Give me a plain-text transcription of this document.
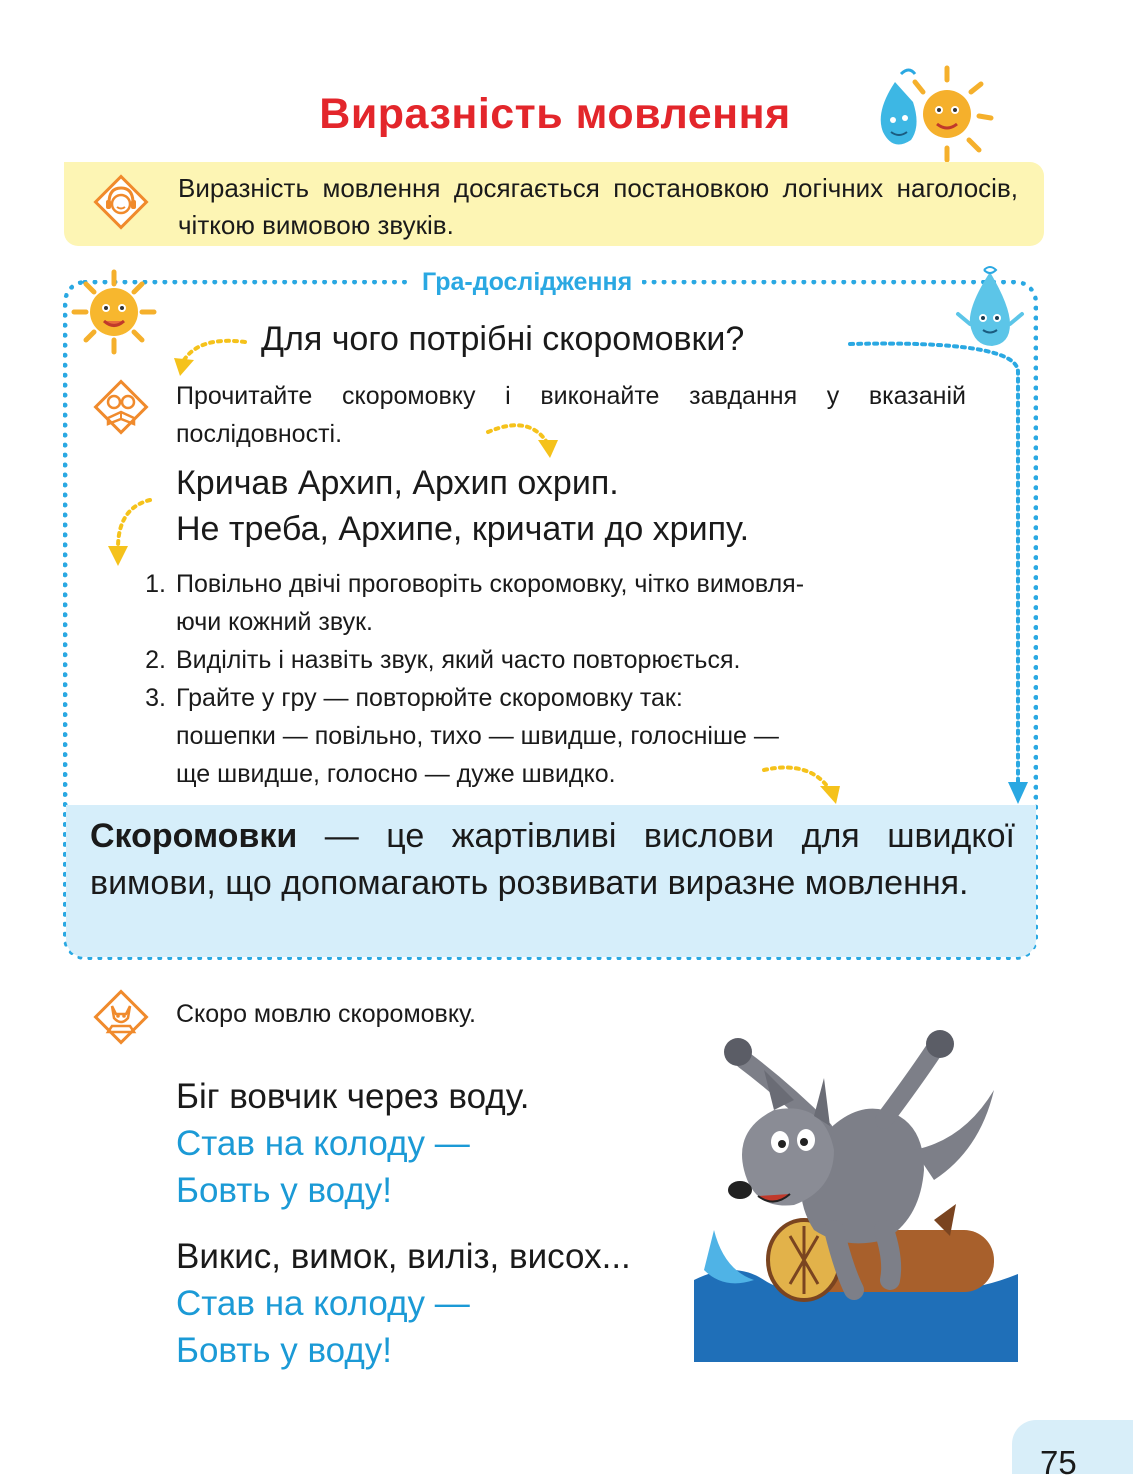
Виразність мовлення
Виразність мовлення досягається постановкою логічних наголосів, чіткою вимовою звуків.
Гра-дослідження
Для чого потрібні скоромовки?
Прочитайте скоромовку і виконайте завдання у вказаній послідовності.
Кричав Архип, Архип охрип.
Не треба, Архипе, кричати до хрипу.
1. Повільно двічі проговоріть скоромовку, чітко вимовля-
ючи кожний звук.
2. Виділіть і назвіть звук, який часто повторюється.
3. Грайте у гру — повторюйте скоромовку так:
пошепки — повільно, тихо — швидше, голосніше —
ще швидше, голосно — дуже швидко.
Скоромовки — це жартівливі вислови для швидкої вимови, що допомагають розвивати виразне мовлення.
Скоро мовлю скоромовку.
Біг вовчик через воду.
Став на колоду —
Бовть у воду!
Викис, вимок, виліз, висох...
Став на колоду —
Бовть у воду!
75
